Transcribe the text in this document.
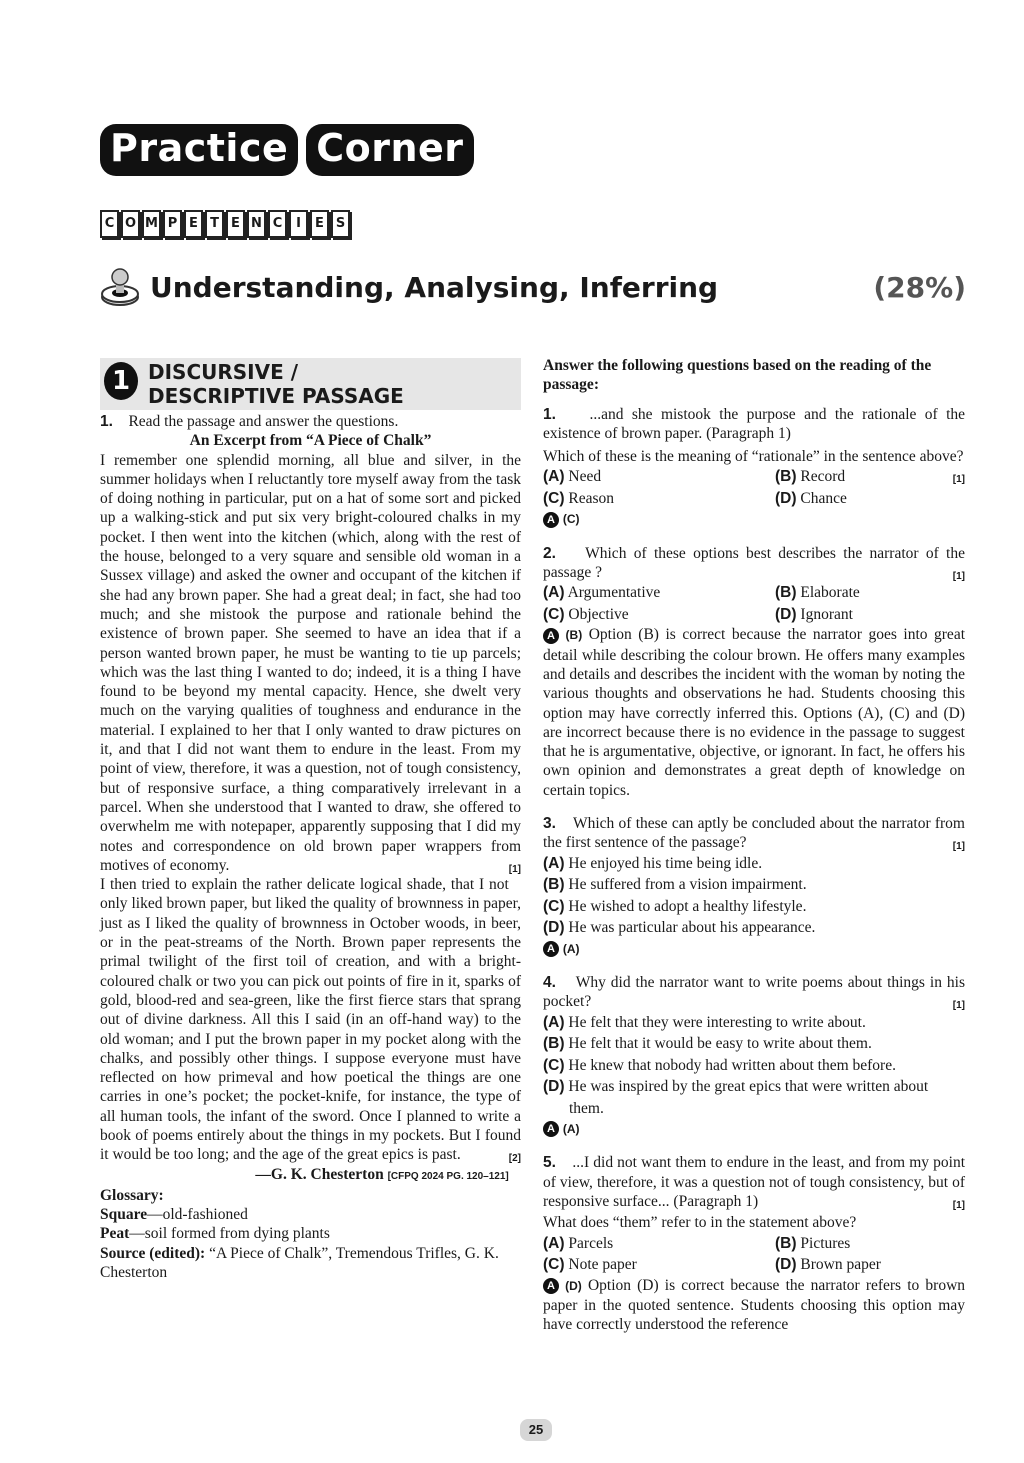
Practice Corner
C O M P E T E N C	I	E S
Understanding, Analysing, Inferring	(28%)
1 DISCURSIVE /
DESCRIPTIVE PASSAGE

1. Read the passage and answer the questions.

An Excerpt from “A Piece of Chalk”

I remember one splendid morning, all blue and silver, in the summer holidays when I reluctantly tore myself away from the task of doing nothing in particular, put on a hat of some sort and picked up a walking-stick and put six very bright-coloured chalks in my pocket. I then went into the kitchen (which, along with the rest of the house, belonged to a very square and sensible old woman in a Sussex village) and asked the owner and occupant of the kitchen if she had any brown paper. She had a great deal; in fact, she had too much; and she mistook the purpose and rationale behind the existence of brown paper. She seemed to have an idea that if a person wanted brown paper, he must be wanting to tie up parcels; which was the last thing I wanted to do; indeed, it is a thing I have found to be beyond my mental capacity. Hence, she dwelt very much on the varying qualities of toughness and endurance in the material. I explained to her that I only wanted to draw pictures on it, and that I did not want them to endure in the least. From my point of view, therefore, it was a question, not of tough consistency, but of responsive surface, a thing comparatively irrelevant in a parcel. When she understood that I wanted to draw, she offered to overwhelm me with notepaper, apparently supposing that I did my notes and correspondence on old brown paper wrappers from motives of economy.	[1]

I then tried to explain the rather delicate logical shade, that I not only liked brown paper, but liked the quality of brownness in paper, just as I liked the quality of brownness in October woods, in beer, or in the peat-streams of the North. Brown paper represents the primal twilight of the first toil of creation, and with a bright-coloured chalk or two you can pick out points of fire in it, sparks of gold, blood-red and sea-green, like the first fierce stars that sprang out of divine darkness. All this I said (in an off-hand way) to the old woman; and I put the brown paper in my pocket along with the chalks, and possibly other things. I suppose everyone must have reflected on how primeval and how poetical the things are one carries in one’s pocket; the pocket-knife, for instance, the type of all human tools, the infant of the sword. Once I planned to write a book of poems entirely about the things in my pockets. But I found it would be too long; and the age of the great epics is past.	[2]

—G. K. Chesterton [CFPQ 2024 PG. 120–121]

Glossary:

Square—old-fashioned

Peat—soil formed from dying plants

Source (edited): “A Piece of Chalk”, Tremendous Trifles, G. K. Chesterton

Answer the following questions based on the reading of the passage:

1. ...and she mistook the purpose and the rationale of the existence of brown paper. (Paragraph 1)

Which of these is the meaning of “rationale” in the sentence above?
[1]

(A) Need	(B) Record
(C) Reason	(D) Chance

A (C)

2. Which of these options best describes the narrator of the passage ?	[1]

(A) Argumentative	(B) Elaborate
(C) Objective	(D) Ignorant

A (B) Option (B) is correct because the narrator goes into great detail while describing the colour brown. He offers many examples and details and describes the incident with the woman by noting the various thoughts and observations he had. Students choosing this option may have correctly inferred this. Options (A), (C) and (D) are incorrect because there is no evidence in the passage to suggest that he is argumentative, objective, or ignorant. In fact, he offers his own opinion and demonstrates a great depth of knowledge on certain topics.

3. Which of these can aptly be concluded about the narrator from the first sentence of the passage?	[1]

(A) He enjoyed his time being idle.
(B) He suffered from a vision impairment.
(C) He wished to adopt a healthy lifestyle.
(D) He was particular about his appearance.

A (A)

4. Why did the narrator want to write poems about things in his pocket?	[1]

(A) He felt that they were interesting to write about.
(B) He felt that it would be easy to write about them.
(C) He knew that nobody had written about them before.
(D) He was inspired by the great epics that were written about them.

A (A)

5. ...I did not want them to endure in the least, and from my point of view, therefore, it was a question not of tough consistency, but of responsive surface... (Paragraph 1)	[1]

What does “them” refer to in the statement above?

(A) Parcels	(B) Pictures
(C) Note paper	(D) Brown paper

A (D) Option (D) is correct because the narrator refers to brown paper in the quoted sentence. Students choosing this option may have correctly understood the reference

25
